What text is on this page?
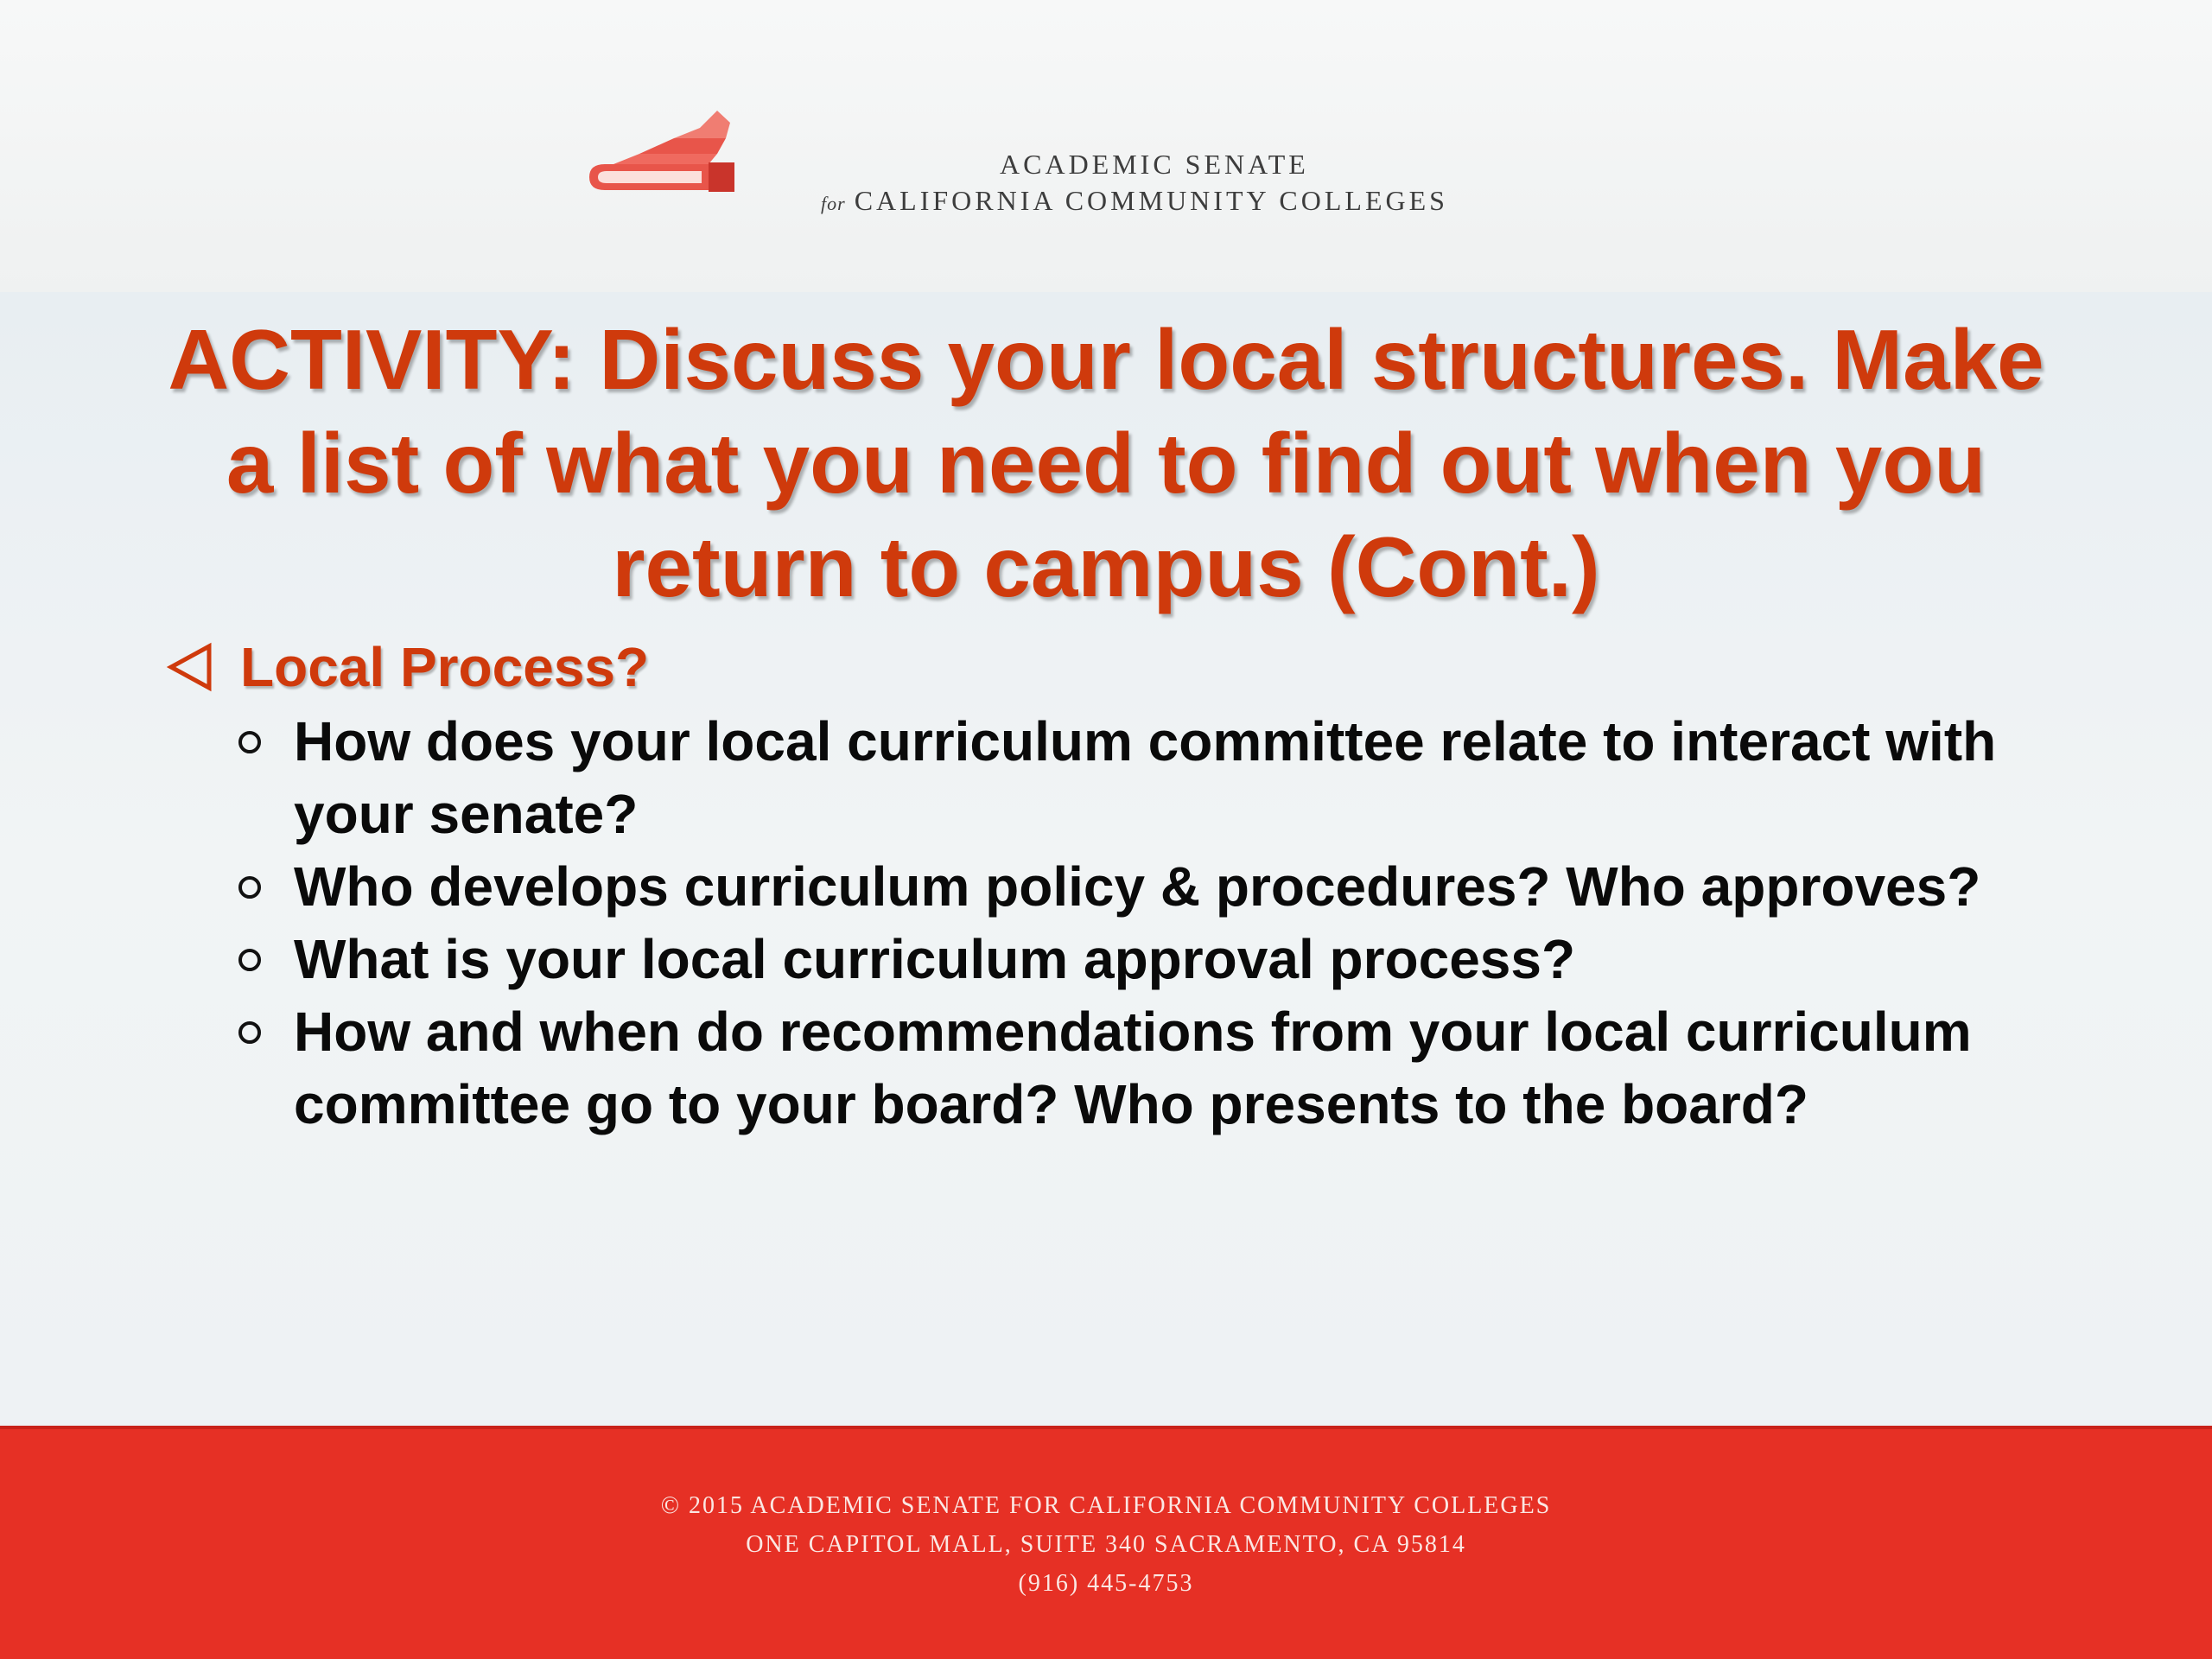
ACADEMIC SENATE
for CALIFORNIA COMMUNITY COLLEGES
ACTIVITY: Discuss your local structures. Make
a list of what you need to find out when you
return to campus (Cont.)
Local Process?
How does your local curriculum committee relate to interact with your senate?
Who develops curriculum policy & procedures? Who approves?
What is your local curriculum approval process?
How and when do recommendations from your local curriculum committee go to your board? Who presents to the board?
© 2015 ACADEMIC SENATE FOR CALIFORNIA COMMUNITY COLLEGES
ONE CAPITOL MALL, SUITE 340 SACRAMENTO, CA 95814
(916) 445-4753
